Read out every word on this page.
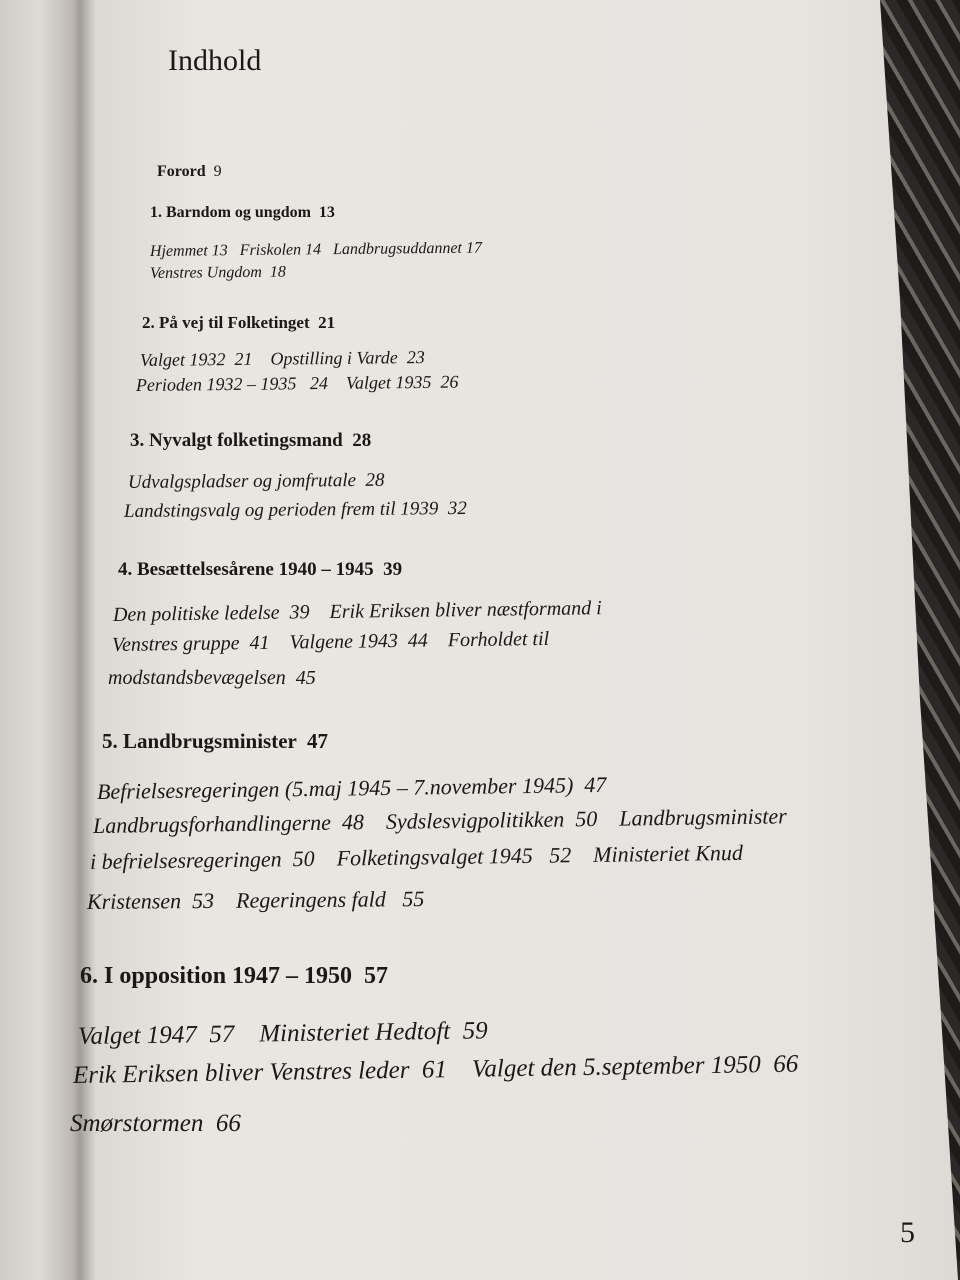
Indhold
Forord 9
1. Barndom og ungdom  13
Hjemmet 13   Friskolen 14   Landbrugsuddannet 17
Venstres Ungdom  18
2. På vej til Folketinget  21
Valget 1932  21    Opstilling i Varde  23
Perioden 1932 – 1935   24    Valget 1935  26
3. Nyvalgt folketingsmand  28
Udvalgspladser og jomfrutale  28
Landstingsvalg og perioden frem til 1939  32
4. Besættelsesårene 1940 – 1945  39
Den politiske ledelse  39    Erik Eriksen bliver næstformand i
Venstres gruppe  41    Valgene 1943  44    Forholdet til
modstandsbevægelsen  45
5. Landbrugsminister  47
Befrielsesregeringen (5.maj 1945 – 7.november 1945)  47
Landbrugsforhandlingerne  48    Sydslesvigpolitikken  50    Landbrugsminister
i befrielsesregeringen  50    Folketingsvalget 1945   52    Ministeriet Knud
Kristensen  53    Regeringens fald   55
6. I opposition 1947 – 1950  57
Valget 1947  57    Ministeriet Hedtoft  59
Erik Eriksen bliver Venstres leder  61    Valget den 5.september 1950  66
Smørstormen  66
5
